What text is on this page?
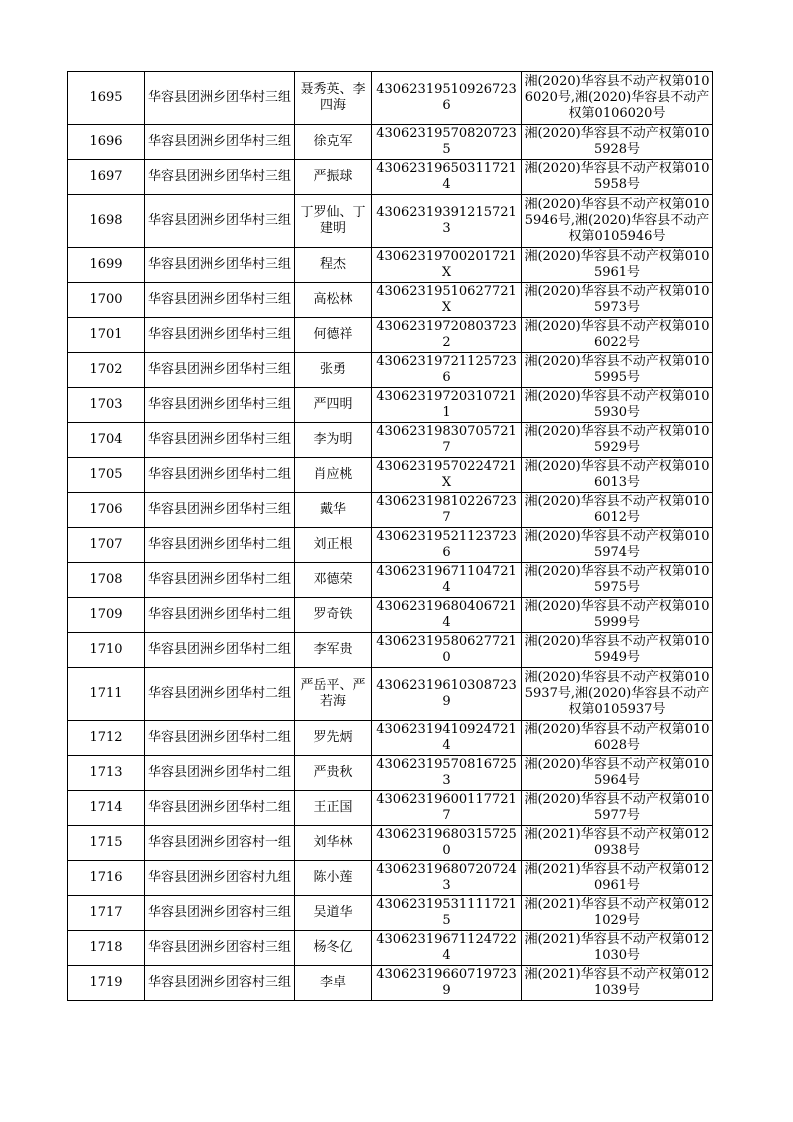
1695	华容县团洲乡团华村三组	聂秀英、李四海	430623195109267236	湘(2020)华容县不动产权第0106020号,湘(2020)华容县不动产权第0106020号
1696	华容县团洲乡团华村三组	徐克军	430623195708207235	湘(2020)华容县不动产权第0105928号
1697	华容县团洲乡团华村三组	严振球	430623196503117214	湘(2020)华容县不动产权第0105958号
1698	华容县团洲乡团华村三组	丁罗仙、丁建明	430623193912157213	湘(2020)华容县不动产权第0105946号,湘(2020)华容县不动产权第0105946号
1699	华容县团洲乡团华村三组	程杰	43062319700201721X	湘(2020)华容县不动产权第0105961号
1700	华容县团洲乡团华村三组	高松林	43062319510627721X	湘(2020)华容县不动产权第0105973号
1701	华容县团洲乡团华村三组	何德祥	430623197208037232	湘(2020)华容县不动产权第0106022号
1702	华容县团洲乡团华村三组	张勇	430623197211257236	湘(2020)华容县不动产权第0105995号
1703	华容县团洲乡团华村三组	严四明	430623197203107211	湘(2020)华容县不动产权第0105930号
1704	华容县团洲乡团华村三组	李为明	430623198307057217	湘(2020)华容县不动产权第0105929号
1705	华容县团洲乡团华村二组	肖应桃	43062319570224721X	湘(2020)华容县不动产权第0106013号
1706	华容县团洲乡团华村三组	戴华	430623198102267237	湘(2020)华容县不动产权第0106012号
1707	华容县团洲乡团华村二组	刘正根	430623195211237236	湘(2020)华容县不动产权第0105974号
1708	华容县团洲乡团华村二组	邓德荣	430623196711047214	湘(2020)华容县不动产权第0105975号
1709	华容县团洲乡团华村二组	罗奇铁	430623196804067214	湘(2020)华容县不动产权第0105999号
1710	华容县团洲乡团华村二组	李军贵	430623195806277210	湘(2020)华容县不动产权第0105949号
1711	华容县团洲乡团华村二组	严岳平、严若海	430623196103087239	湘(2020)华容县不动产权第0105937号,湘(2020)华容县不动产权第0105937号
1712	华容县团洲乡团华村二组	罗先炳	430623194109247214	湘(2020)华容县不动产权第0106028号
1713	华容县团洲乡团华村二组	严贵秋	430623195708167253	湘(2020)华容县不动产权第0105964号
1714	华容县团洲乡团华村二组	王正国	430623196001177217	湘(2020)华容县不动产权第0105977号
1715	华容县团洲乡团容村一组	刘华林	430623196803157250	湘(2021)华容县不动产权第0120938号
1716	华容县团洲乡团容村九组	陈小莲	430623196807207243	湘(2021)华容县不动产权第0120961号
1717	华容县团洲乡团容村三组	吴道华	430623195311117215	湘(2021)华容县不动产权第0121029号
1718	华容县团洲乡团容村三组	杨冬亿	430623196711247224	湘(2021)华容县不动产权第0121030号
1719	华容县团洲乡团容村三组	李卓	430623196607197239	湘(2021)华容县不动产权第0121039号
